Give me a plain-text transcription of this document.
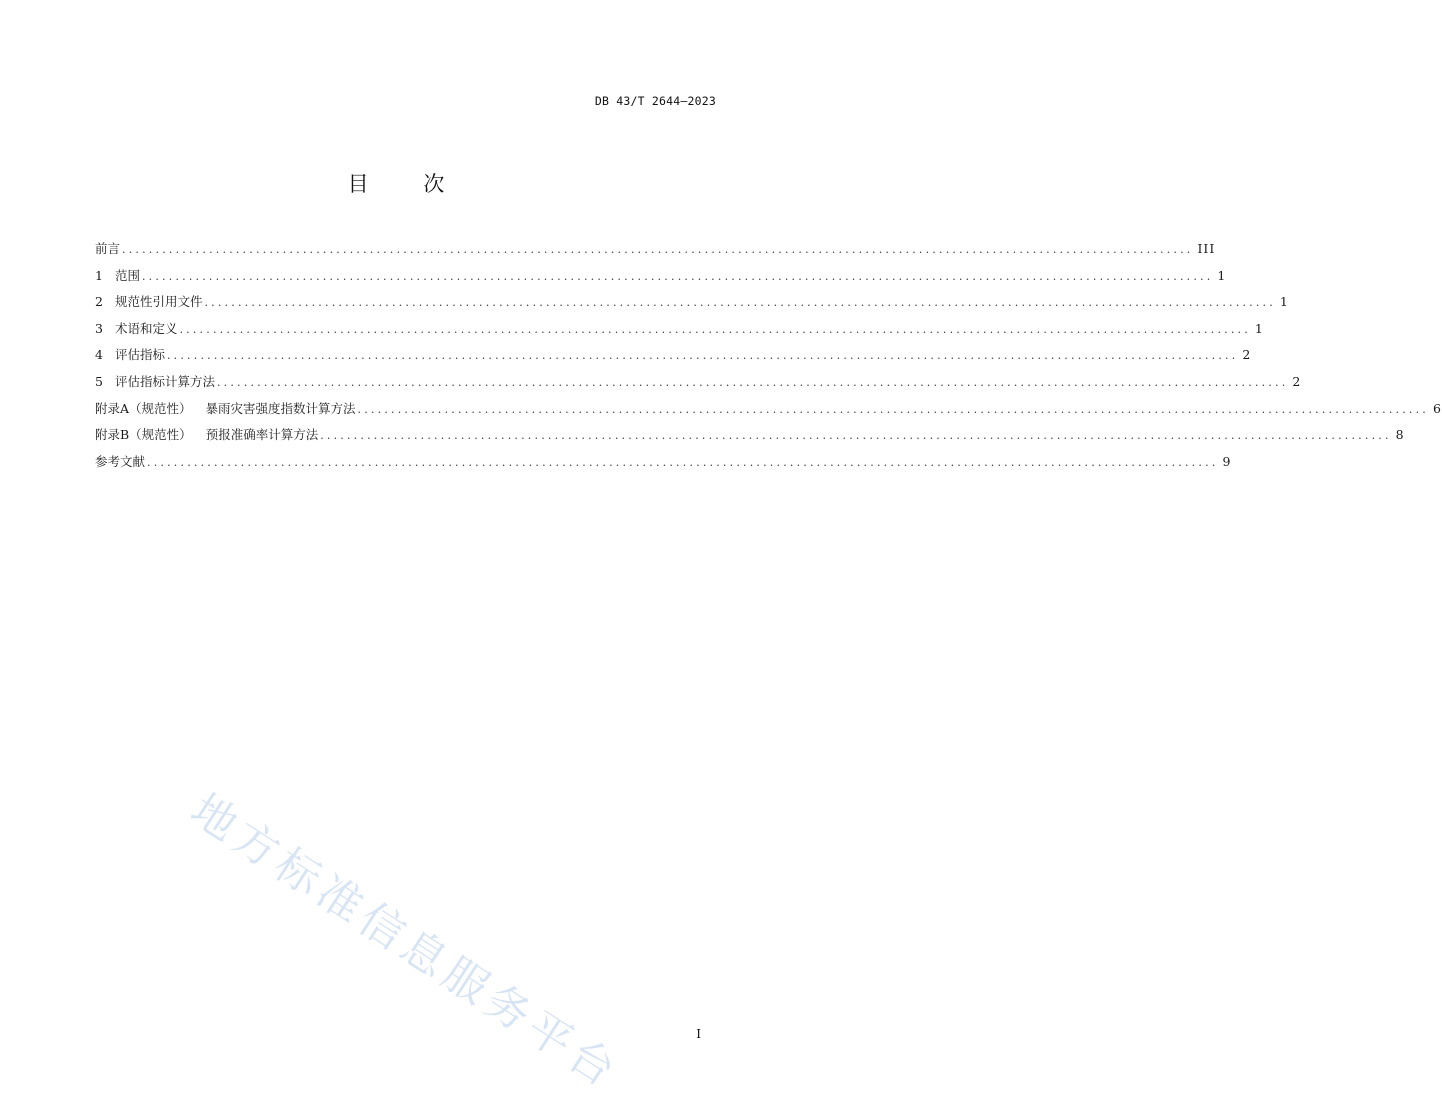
DB 43/T 2644—2023
目	次
前言 ................................................................................................................................................................ III
1 范围 ................................................................................................................................................................ 1
2 规范性引用文件 ................................................................................................................................................................ 1
3 术语和定义 ................................................................................................................................................................ 1
4 评估指标 ................................................................................................................................................................ 2
5 评估指标计算方法 ................................................................................................................................................................ 2
附录A（规范性） 暴雨灾害强度指数计算方法 ................................................................................................................................................................ 6
附录B（规范性） 预报准确率计算方法 ................................................................................................................................................................ 8
参考文献 ................................................................................................................................................................ 9
地方标准信息服务平台	I
